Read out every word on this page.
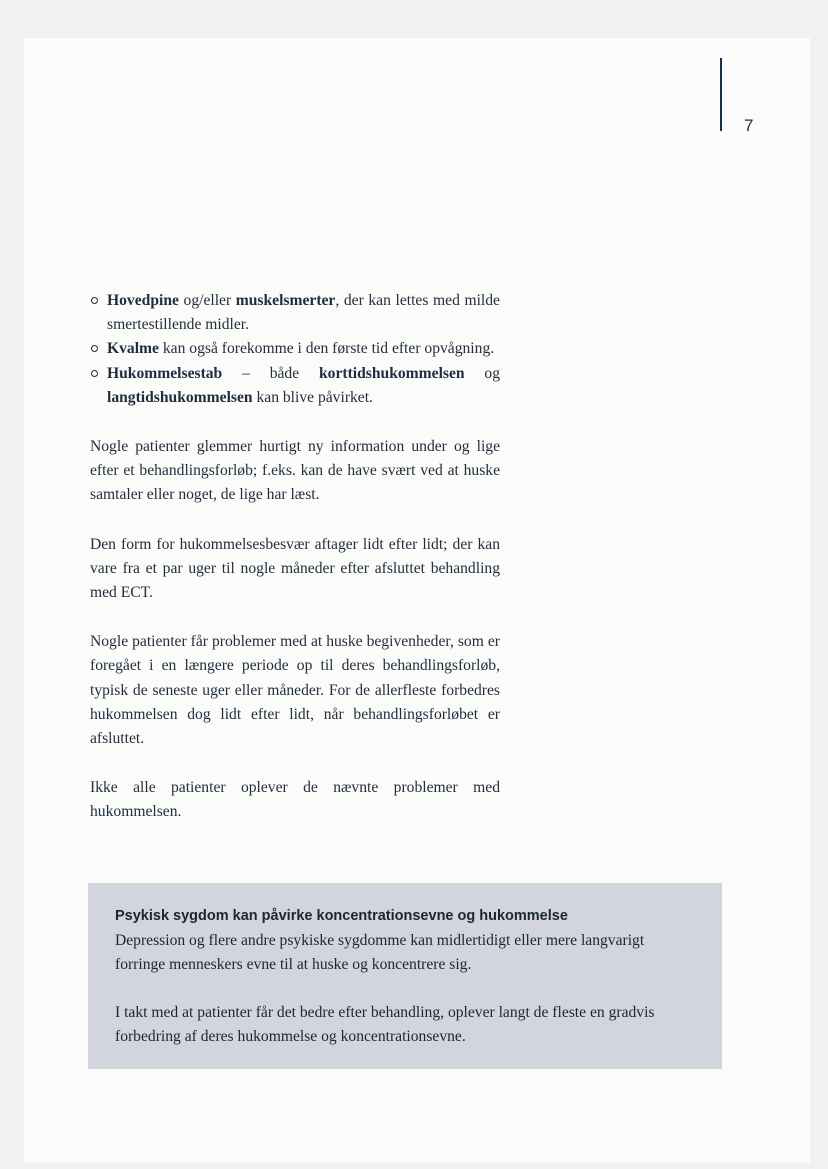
7
Hovedpine og/eller muskelsmerter, der kan lettes med milde smertestillende midler.
Kvalme kan også forekomme i den første tid efter opvågning.
Hukommelsestab – både korttidshukommelsen og langtidshukommelsen kan blive påvirket.

Nogle patienter glemmer hurtigt ny information under og lige efter et behandlingsforløb; f.eks. kan de have svært ved at huske samtaler eller noget, de lige har læst.

Den form for hukommelsesbesvær aftager lidt efter lidt; der kan vare fra et par uger til nogle måneder efter afsluttet behandling med ECT.

Nogle patienter får problemer med at huske begivenheder, som er foregået i en længere periode op til deres behandlingsforløb, typisk de seneste uger eller måneder. For de allerfleste forbedres hukommelsen dog lidt efter lidt, når behandlingsforløbet er afsluttet.

Ikke alle patienter oplever de nævnte problemer med hukommelsen.

Psykisk sygdom kan påvirke koncentrationsevne og hukommelse
Depression og flere andre psykiske sygdomme kan midlertidigt eller mere langvarigt forringe menneskers evne til at huske og koncentrere sig.
I takt med at patienter får det bedre efter behandling, oplever langt de fleste en gradvis forbedring af deres hukommelse og koncentrationsevne.
